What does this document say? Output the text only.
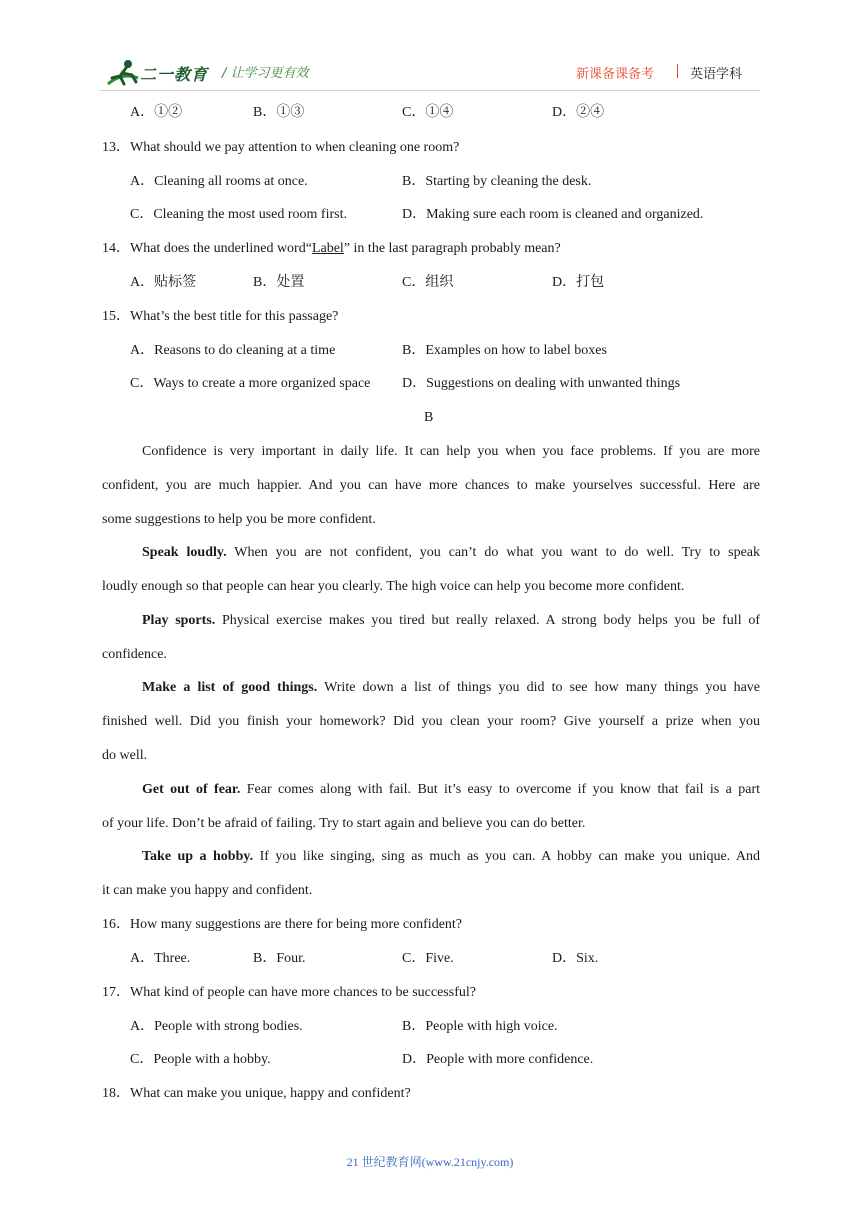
二一教育 / 让学习更有效	新课备课备考	英语学科
A．①②	B．①③	C．①④	D．②④
13．What should we pay attention to when cleaning one room?
A．Cleaning all rooms at once.	B．Starting by cleaning the desk.
C．Cleaning the most used room first.	D．Making sure each room is cleaned and organized.
14．What does the underlined word“Label” in the last paragraph probably mean?
A．贴标签	B．处置	C．组织	D．打包
15．What’s the best title for this passage?
A．Reasons to do cleaning at a time	B．Examples on how to label boxes
C．Ways to create a more organized space D．Suggestions on dealing with unwanted things
B
Confidence is very important in daily life. It can help you when you face problems. If you are more
confident, you are much happier. And you can have more chances to make yourselves successful. Here are
some suggestions to help you be more confident.
Speak loudly. When you are not confident, you can’t do what you want to do well. Try to speak
loudly enough so that people can hear you clearly. The high voice can help you become more confident.
Play sports. Physical exercise makes you tired but really relaxed. A strong body helps you be full of
confidence.
Make a list of good things. Write down a list of things you did to see how many things you have
finished well. Did you finish your homework? Did you clean your room? Give yourself a prize when you
do well.
Get out of fear. Fear comes along with fail. But it’s easy to overcome if you know that fail is a part
of your life. Don’t be afraid of failing. Try to start again and believe you can do better.
Take up a hobby. If you like singing, sing as much as you can. A hobby can make you unique. And
it can make you happy and confident.
16．How many suggestions are there for being more confident?
A．Three.	B．Four.	C．Five.	D．Six.
17．What kind of people can have more chances to be successful?
A．People with strong bodies.	B．People with high voice.
C．People with a hobby.	D．People with more confidence.
18．What can make you unique, happy and confident?
21 世纪教育网(www.21cnjy.com)
